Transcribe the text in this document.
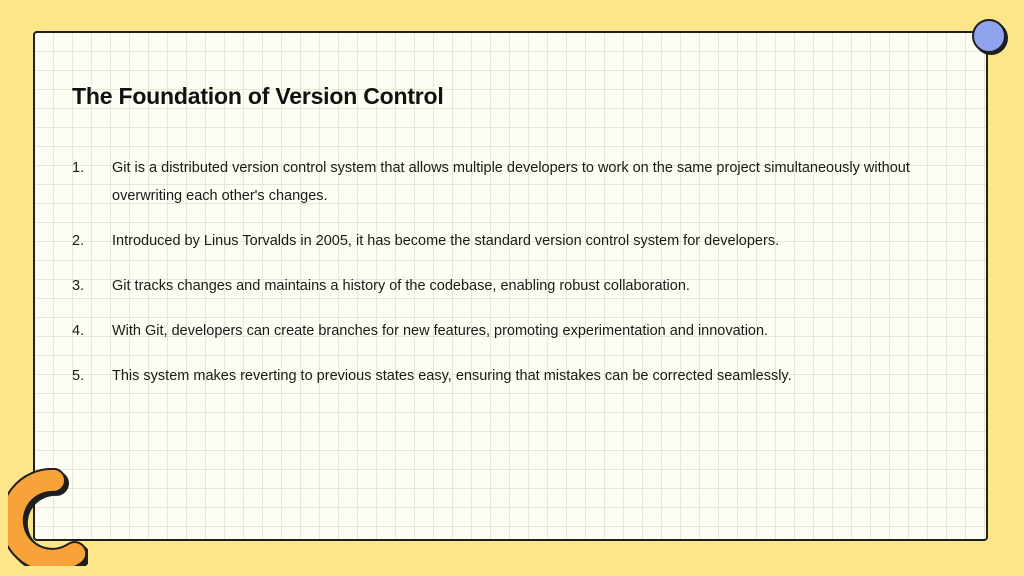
The Foundation of Version Control
1.	Git is a distributed version control system that allows multiple developers to work on the same project simultaneously without overwriting each other's changes.
2.	Introduced by Linus Torvalds in 2005, it has become the standard version control system for developers.
3.	Git tracks changes and maintains a history of the codebase, enabling robust collaboration.
4.	With Git, developers can create branches for new features, promoting experimentation and innovation.
5.	This system makes reverting to previous states easy, ensuring that mistakes can be corrected seamlessly.
